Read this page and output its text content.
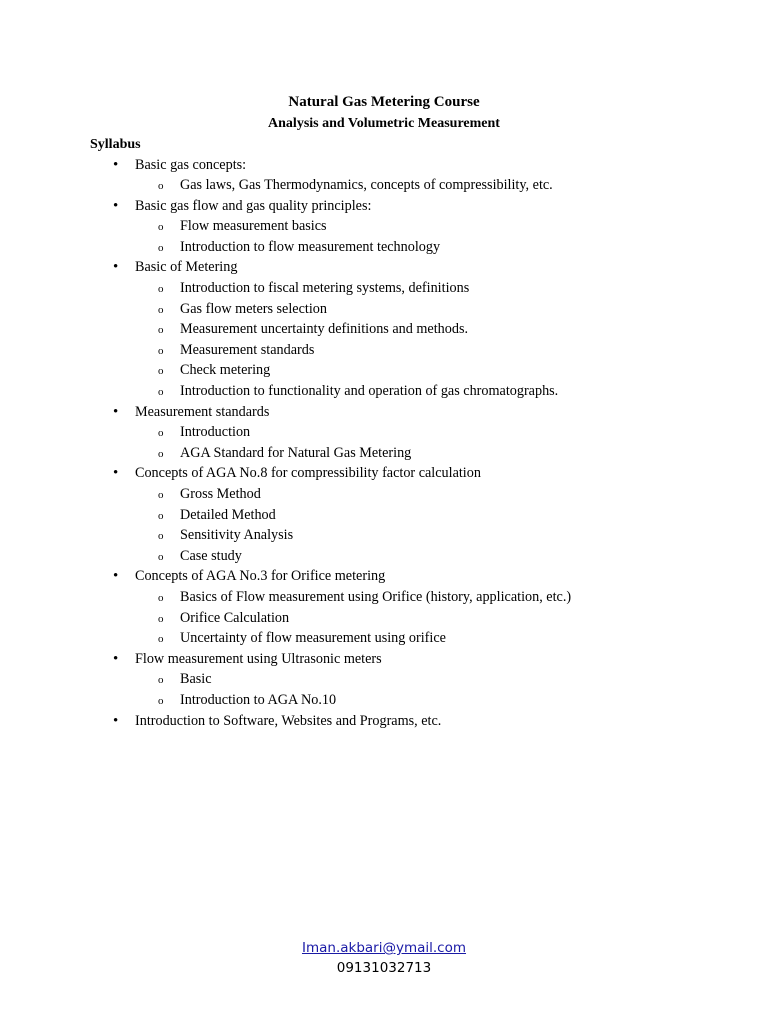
Natural Gas Metering Course
Analysis and Volumetric Measurement
Syllabus
• Basic gas concepts:
o Gas laws, Gas Thermodynamics, concepts of compressibility, etc.
• Basic gas flow and gas quality principles:
o Flow measurement basics
o Introduction to flow measurement technology
• Basic of Metering
o Introduction to fiscal metering systems, definitions
o Gas flow meters selection
o Measurement uncertainty definitions and methods.
o Measurement standards
o Check metering
o Introduction to functionality and operation of gas chromatographs.
• Measurement standards
o Introduction
o AGA Standard for Natural Gas Metering
• Concepts of AGA No.8 for compressibility factor calculation
o Gross Method
o Detailed Method
o Sensitivity Analysis
o Case study
• Concepts of AGA No.3 for Orifice metering
o Basics of Flow measurement using Orifice (history, application, etc.)
o Orifice Calculation
o Uncertainty of flow measurement using orifice
• Flow measurement using Ultrasonic meters
o Basic
o Introduction to AGA No.10
• Introduction to Software, Websites and Programs, etc.
Iman.akbari@ymail.com
09131032713
